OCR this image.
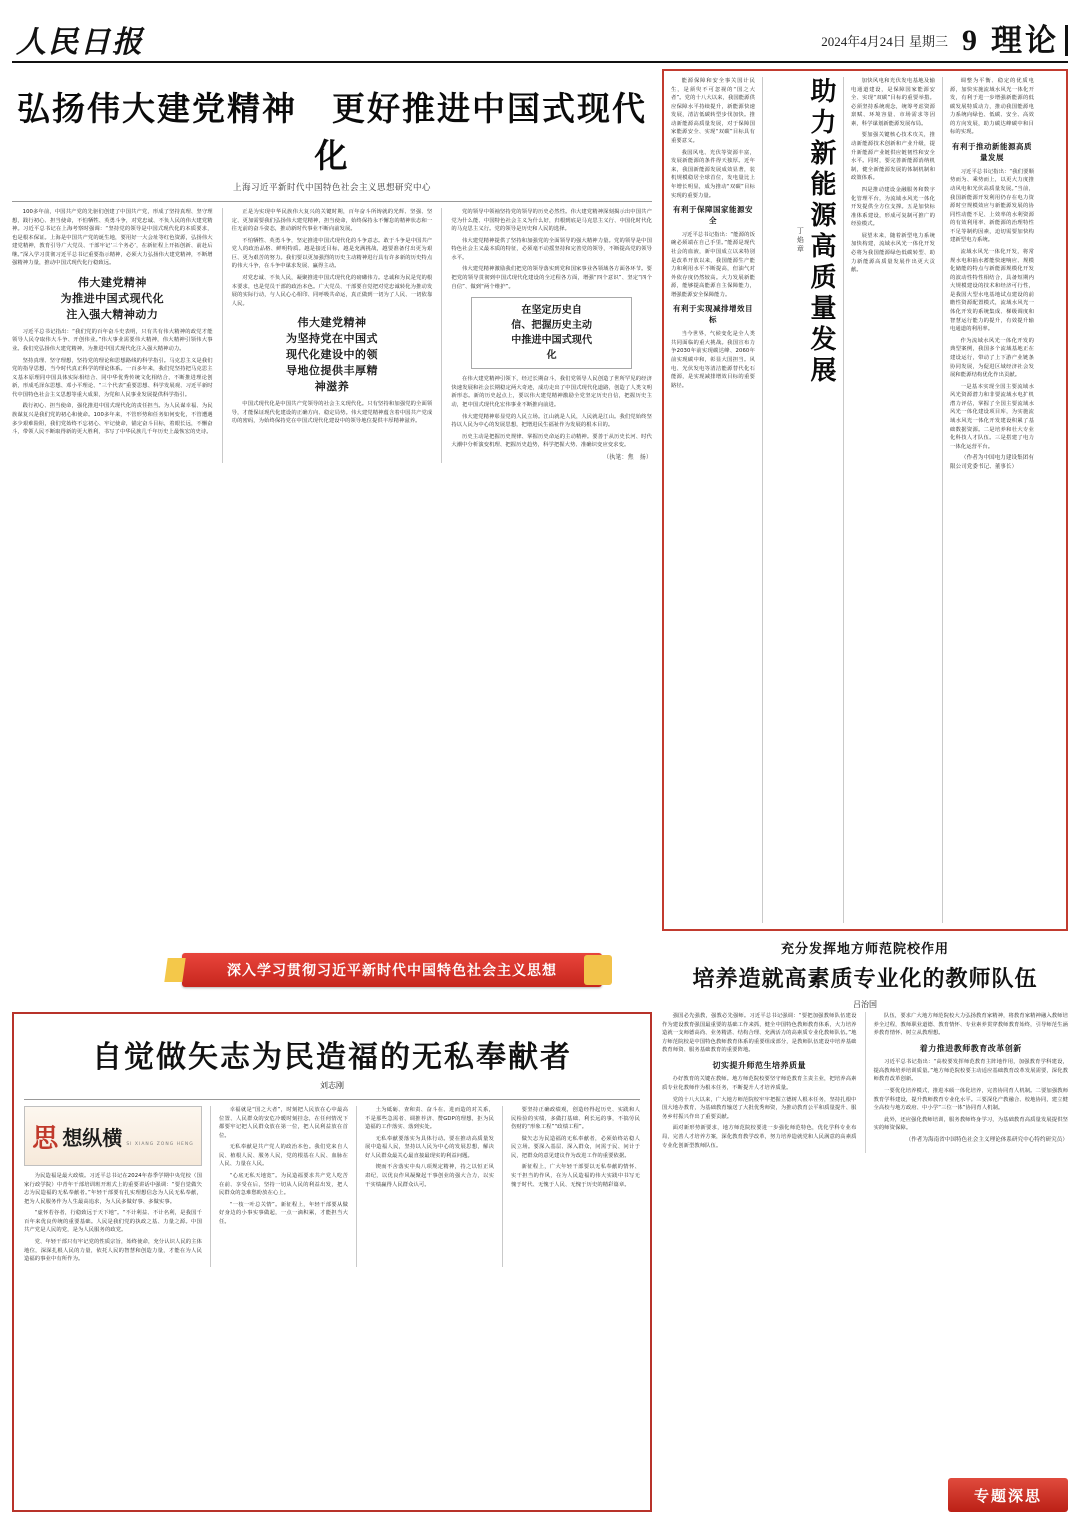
人民日报	2024年4月24日 星期三 9 理论
弘扬伟大建党精神　更好推进中国式现代化
上海习近平新时代中国特色社会主义思想研究中心

100多年前，中国共产党的先驱们创建了中国共产党，形成了坚持真理、坚守理想，践行初心、担当使命，不怕牺牲、英勇斗争，对党忠诚、不负人民的伟大建党精神。习近平总书记在上海考察时强调：“坚持党的领导是中国式现代化的本质要求，也是根本保证。上海是中国共产党的诞生地，要用好一大会址等红色资源，弘扬伟大建党精神，教育引导广大党员、干部牢记‘三个务必’，在新征程上开拓创新、前赴后继。”深入学习贯彻习近平总书记重要指示精神，必须大力弘扬伟大建党精神，不断增强精神力量，推动中国式现代化行稳致远。

伟大建党精神
为推进中国式现代化
注入强大精神动力

习近平总书记指出：“我们党的百年奋斗史表明，只有共有伟大精神的政党才能领导人民夺取伟大斗争、开创伟业。”伟大事业需要伟大精神，伟大精神引领伟大事业。我们党弘扬伟大建党精神，为推进中国式现代化注入强大精神动力。

坚持真理、坚守理想，坚持党的理论和思想路线的科学指引。马克思主义是我们党的指导思想，当今时代真正科学的理论体系。一百多年来，我们党坚持把马克思主义基本原理同中国具体实际相结合、同中华优秀传统文化相结合，不断推进理论创新，形成毛泽东思想、邓小平理论、“三个代表”重要思想、科学发展观、习近平新时代中国特色社会主义思想等重大成果，为党和人民事业发展提供科学指引。

践行初心、担当使命，强化推进中国式现代化的责任担当。为人民谋幸福、为民族谋复兴是我们党的初心和使命。100多年来，不管形势和任务如何变化，不管遭遇多少艰难险阻，我们党始终不忘初心、牢记使命，锚定奋斗目标，着眼长远，不懈奋斗，带领人民不断取得新的更大胜利，书写了中华民族几千年历史上最恢宏的史诗。

正是为实现中华民族伟大复兴的关键时期，百年奋斗所铸就的光辉、坚强、坚定、更加需要我们弘扬伟大建党精神，担当使命，始终保持永不懈怠的精神状态和一往无前的奋斗姿态，推动新时代事业不断向前发展。

不怕牺牲、英勇斗争，坚定推进中国式现代化的斗争意志。敢于斗争是中国共产党人的政治品格、鲜明特质。越是接近目标，越是充满挑战，越要准备付出更为艰巨、更为艰苦的努力。我们要以更加强烈的历史主动精神进行具有许多新的历史特点的伟大斗争，在斗争中谋求发展、赢得主动。

对党忠诚、不负人民，凝聚推进中国式现代化的磅礴伟力。忠诚和为民是党的根本要求，也是党员干部的政治本色。广大党员、干部要自觉把对党忠诚转化为推动发展的实际行动，与人民心心相印、同呼吸共命运，真正做到一切为了人民、一切依靠人民。

伟大建党精神
为坚持党在中国式
现代化建设中的领
导地位提供丰厚精
神滋养

中国式现代化是中国共产党领导的社会主义现代化。只有坚持和加强党的全面领导，才能保证现代化建设的正确方向、稳定局势。伟大建党精神蕴含着中国共产党成功的密码，为始终保持党在中国式现代化建设中的领导地位提供丰厚精神滋养。

党的领导中领袖坚持党的领导的历史必然性。伟大建党精神深刻揭示出中国共产党为什么能、中国特色社会主义为什么好，归根到底是马克思主义行、中国化时代化的马克思主义行。党的领导是历史和人民的选择。

伟大建党精神提供了坚持和加强党的全面领导的强大精神力量。党的领导是中国特色社会主义最本质的特征，必须毫不动摇坚持和完善党的领导，不断提高党的领导水平。

伟大建党精神激励我们把党的领导落实到党和国家事业各领域各方面各环节。要把党的领导贯彻到中国式现代化建设的全过程各方面，增强“四个意识”、坚定“四个自信”、做到“两个维护”。

在坚定历史自
信、把握历史主动
中推进中国式现代
化

在伟大建党精神引领下，经过长期奋斗，我们党领导人民创造了世所罕见的经济快速发展和社会长期稳定两大奇迹，成功走出了中国式现代化道路，创造了人类文明新形态。新的历史起点上，要以伟大建党精神激励全党坚定历史自信，把握历史主动，把中国式现代化宏伟事业不断推向前进。

伟大建党精神彰显党的人民立场。江山就是人民，人民就是江山。我们党始终坚持以人民为中心的发展思想，把增进民生福祉作为发展的根本目的。

历史主动是把握历史规律、掌握历史命运的主动精神。要善于从历史长河、时代大潮中分析演变机理、把握历史趋势，科学把握大势、准确识变应变求变。

（执笔：焦　扬）
深入学习贯彻习近平新时代中国特色社会主义思想

能源保障和安全事关国计民生，是须臾不可忽视的“国之大者”。党的十八大以来，我国能源供应保障水平持续提升，新能源快速发展，清洁低碳转型步伐加快。推动新能源高质量发展，对于保障国家能源安全、实现“双碳”目标具有重要意义。

我国风电、光伏等资源丰富，发展新能源的条件得天独厚。近年来，我国新能源发展成效显著，装机规模稳居全球首位，发电量比上年增长明显，成为推动“双碳”目标实现的重要力量。

有利于保障国家能源安全

习近平总书记指出：“能源的饭碗必须端在自己手里。”能源是现代社会的血液，新中国成立以来特别是改革开放以来，我国能源生产能力和利用水平不断提高，但油气对外依存度仍然较高。大力发展新能源，能够提高能源自主保障能力，增强能源安全保障能力。

有利于实现减排增效目标

当今世界，气候变化是全人类共同面临的重大挑战。我国宣布力争2030年前实现碳达峰、2060年前实现碳中和，彰显大国担当。风电、光伏发电等清洁能源替代化石能源，是实现减排增效目标的重要路径。	助力新能源高质量发展
丁焰章

加快风电和光伏发电基地及输电通道建设，是保障国家能源安全、实现“双碳”目标的重要举措。必须坚持系统观念，统筹考虑资源禀赋、环境容量、市场需求等因素，科学谋划新能源发展布局。

要加强关键核心技术攻关，推动新能源技术创新和产业升级，提升新能源产业链供应链韧性和安全水平。同时，要完善新能源消纳机制，健全新能源发展的体制机制和政策体系。

四是推动建设金融服务和数字化管理平台，为流域水风光一体化开发提供全方位支撑。五是加快标准体系建设，形成可复制可推广的经验模式。

展望未来，随着新型电力系统加快构建，流域水风光一体化开发必将为我国能源绿色低碳转型、助力新能源高质量发展作出更大贡献。

调整为平衡、稳定的优质电源，加快实施流域水风光一体化开发，有利于进一步增强新能源的低碳发展特质动力，推动我国能源电力系统向绿色、低碳、安全、高效的方向发展，助力碳达峰碳中和目标的实现。

有利于推动新能源高质量发展

习近平总书记指出：“我们要顺势而为、乘势而上，以更大力度推动风电和光伏高质量发展。”当前，我国新能源开发利用仍存在电力资源时空规模效应与新能源发展的协同性动能不足、上效率的水利资源的有效利用率、新能源的治理特性不足等制约因素，迫切需要加快构建新型电力系统。

流域水风光一体化开发，将常规水电和抽水蓄能快速响应、规模化储能的特点与新能源规模化开发的波动性特性相结合，具备短期内大规模建设的技术和经济可行性，是我国大型水电基地试点建设的前瞻性资源配置模式，流域水风光一体化开发的系统集成、梯级调度和智慧运行能力的提升，有效提升输电通道的利用率。

作为流域水风光一体化开发的典型案例，我国多个流域基地正在建设运行，带动了上下游产业链条协同发展，为促进区域经济社会发展和能源结构优化作出贡献。

一是基本实现全国主要流域水风光资源潜力和非要流域水电扩机潜力评估，掌握了全国主要流域水风光一体化建设项目库，为实施流域水风光一体化开发建设积累了基础数据资源。二是培养和壮大专业化科技人才队伍。三是搭建了电力一体化运营平台。

（作者为中国电力建设集团有限公司党委书记、董事长）

充分发挥地方师范院校作用
培养造就高素质专业化的教师队伍
吕治国
自觉做矢志为民造福的无私奉献者
刘志刚
思 想纵横 SI XIANG ZONG HENG

为民造福是最大政绩。习近平总书记在2024年春季学期中央党校（国家行政学院）中青年干部培训班开班式上的重要讲话中强调：“要自觉做矢志为民造福的无私奉献者。”年轻干部要有扎实理想信念为人民无私奉献，把为人民服务作为人生最高追求，为人民多做好事、多做实事。

“虚怀若谷者，行稳致远于天下地”。“不计利益、不计名利，是我国千百年来优良传统的重要基础。人民是我们党的执政之基、力量之源。中国共产党是人民的党，是为人民服务的政党。

党、年轻干部只有牢记党的性质宗旨，始终使命，充分认识人民的主体地位，深深扎根人民的力量，依托人民的智慧和创造力量，才能在为人民造福的事业中有所作为。

幸福就是“国之大者”，时刻把人民放在心中最高位置、人民群众的安危冷暖时刻挂念，在任何情况下都要牢记把人民群众放在第一位，把人民利益放在首位。

无私奉献是共产党人的政治本色。我们党来自人民、植根人民、服务人民，党的根基在人民、血脉在人民、力量在人民。

“心底无私天地宽”。为民造福要求共产党人吃苦在前、享受在后，坚持一切从人民的利益出发，把人民群众的急难愁盼放在心上。

“一枝一叶总关情”。新征程上，年轻干部要从做好身边的小事实事做起，一点一滴积累，才能担当大任。

土为砥砺、查和责、奋斗在、进而造的对关系，不是那些急需者、调推荐济、赞GDP的理想，拒为民造福的工作落实、落到实处。

无私奉献要落实为具体行动。要在推动高质量发展中造福人民，坚持以人民为中心的发展思想，解决好人民群众最关心最直接最现实的利益问题。

锲而不舍落实中央八项规定精神，持之以恒正风肃纪，以优良作风凝聚起干事创业的强大合力，以实干实绩赢得人民群众认可。

要坚持正确政绩观，创造经得起历史、实践和人民检验的实绩，多做打基础、利长远的事，不搞劳民伤财的“形象工程”“政绩工程”。

做矢志为民造福的无私奉献者，必须始终站稳人民立场。要深入基层、深入群众，问需于民、问计于民，把群众的意见建议作为改进工作的重要依据。

新征程上，广大年轻干部要以无私奉献的情怀、实干担当的作风，在为人民造福的伟大实践中书写无愧于时代、无愧于人民、无愧于历史的精彩篇章。

强国必先强教，强教必先强师。习近平总书记强调：“要把加强教师队伍建设作为建设教育强国最重要的基础工作来抓，健全中国特色教师教育体系，大力培养造就一支师德高尚、业务精湛、结构合理、充满活力的高素质专业化教师队伍。”地方师范院校是中国特色教师教育体系的重要组成部分，是教师队伍建设中培养基础教育师资、服务基础教育的重要阵地。

切实提升师范生培养质量

办好教育的关键在教师。地方师范院校要坚守师范教育主责主业，把培养高素质专业化教师作为根本任务，不断提升人才培养质量。

党的十八大以来，广大地方师范院校牢牢把握立德树人根本任务，坚持扎根中国大地办教育，为基础教育输送了大批优秀师资，为推动教育公平和质量提升、服务乡村振兴作出了重要贡献。

面对新形势新要求，地方师范院校要进一步强化师范特色，优化学科专业布局，完善人才培养方案，深化教育教学改革，努力培养造就党和人民满意的高素质专业化创新型教师队伍。

队伍，要求广大地方师范院校大力弘扬教育家精神，将教育家精神融入教师培养全过程，教师职业道德、教育情怀、专业素养贯穿教师教育始终，引导师范生涵养教育情怀、树立从教理想。

着力推进教师教育改革创新

习近平总书记指出：“高校要发挥师范教育主阵地作用，加强教育学科建设，提高教师培养培训质量。”地方师范院校要主动适应基础教育改革发展需要，深化教师教育改革创新。

一要优化培养模式，推进本硕一体化培养，完善协同育人机制。二要加强教师教育学科建设，提升教师教育专业化水平。三要深化产教融合、校地协同，建立健全高校与地方政府、中小学“三位一体”协同育人机制。

此外，还应强化教师培训，服务教师终身学习，为基础教育高质量发展提供坚实的师资保障。

（作者为海南省中国特色社会主义理论体系研究中心特约研究员）

专题深思
